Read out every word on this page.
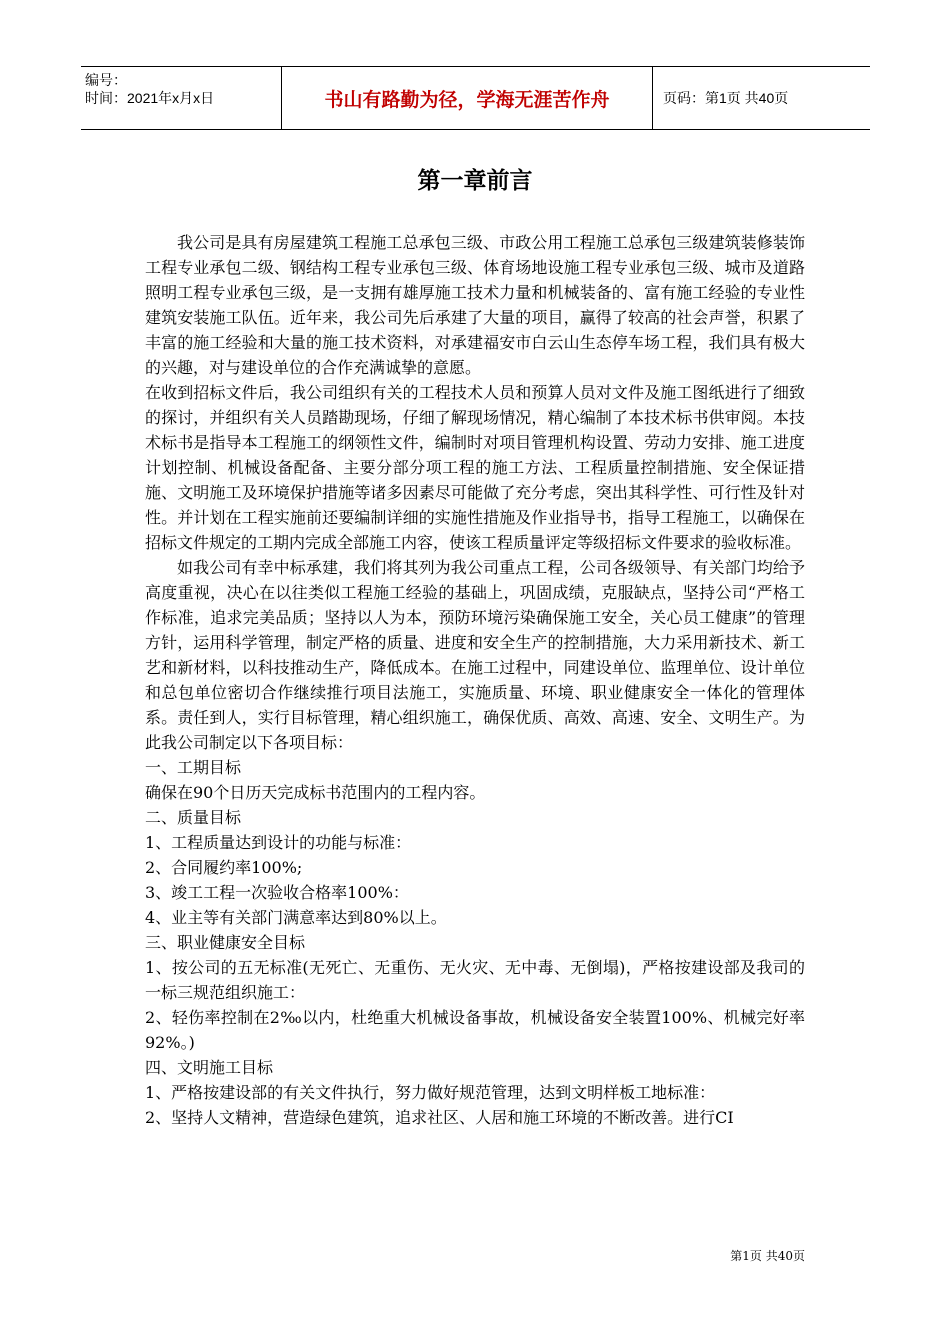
编号：
时间：2021年x月x日	书山有路勤为径，学海无涯苦作舟	页码：第1页 共40页
第一章前言

我公司是具有房屋建筑工程施工总承包三级、市政公用工程施工总承包三级建筑装修装饰工程专业承包二级、钢结构工程专业承包三级、体育场地设施工程专业承包三级、城市及道路照明工程专业承包三级，是一支拥有雄厚施工技术力量和机械装备的、富有施工经验的专业性建筑安装施工队伍。近年来，我公司先后承建了大量的项目，赢得了较高的社会声誉，积累了丰富的施工经验和大量的施工技术资料，对承建福安市白云山生态停车场工程，我们具有极大的兴趣，对与建设单位的合作充满诚挚的意愿。

在收到招标文件后，我公司组织有关的工程技术人员和预算人员对文件及施工图纸进行了细致的探讨，并组织有关人员踏勘现场，仔细了解现场情况，精心编制了本技术标书供审阅。本技术标书是指导本工程施工的纲领性文件，编制时对项目管理机构设置、劳动力安排、施工进度计划控制、机械设备配备、主要分部分项工程的施工方法、工程质量控制措施、安全保证措施、文明施工及环境保护措施等诸多因素尽可能做了充分考虑，突出其科学性、可行性及针对性。并计划在工程实施前还要编制详细的实施性措施及作业指导书，指导工程施工，以确保在招标文件规定的工期内完成全部施工内容，使该工程质量评定等级招标文件要求的验收标准。

如我公司有幸中标承建，我们将其列为我公司重点工程，公司各级领导、有关部门均给予高度重视，决心在以往类似工程施工经验的基础上，巩固成绩，克服缺点，坚持公司“严格工作标准，追求完美品质；坚持以人为本，预防环境污染确保施工安全，关心员工健康”的管理方针，运用科学管理，制定严格的质量、进度和安全生产的控制措施，大力采用新技术、新工艺和新材料，以科技推动生产，降低成本。在施工过程中，同建设单位、监理单位、设计单位和总包单位密切合作继续推行项目法施工，实施质量、环境、职业健康安全一体化的管理体系。责任到人，实行目标管理，精心组织施工，确保优质、高效、高速、安全、文明生产。为此我公司制定以下各项目标：

一、工期目标

确保在90个日历天完成标书范围内的工程内容。

二、质量目标

1、工程质量达到设计的功能与标准：

2、合同履约率100%;

3、竣工工程一次验收合格率100%：

4、业主等有关部门满意率达到80%以上。

三、职业健康安全目标

1、按公司的五无标准(无死亡、无重伤、无火灾、无中毒、无倒塌)，严格按建设部及我司的一标三规范组织施工：

2、轻伤率控制在2‰以内，杜绝重大机械设备事故，机械设备安全装置100%、机械完好率92%。)

四、文明施工目标

1、严格按建设部的有关文件执行，努力做好规范管理，达到文明样板工地标准：

2、坚持人文精神，营造绿色建筑，追求社区、人居和施工环境的不断改善。进行CI

第1页 共40页
